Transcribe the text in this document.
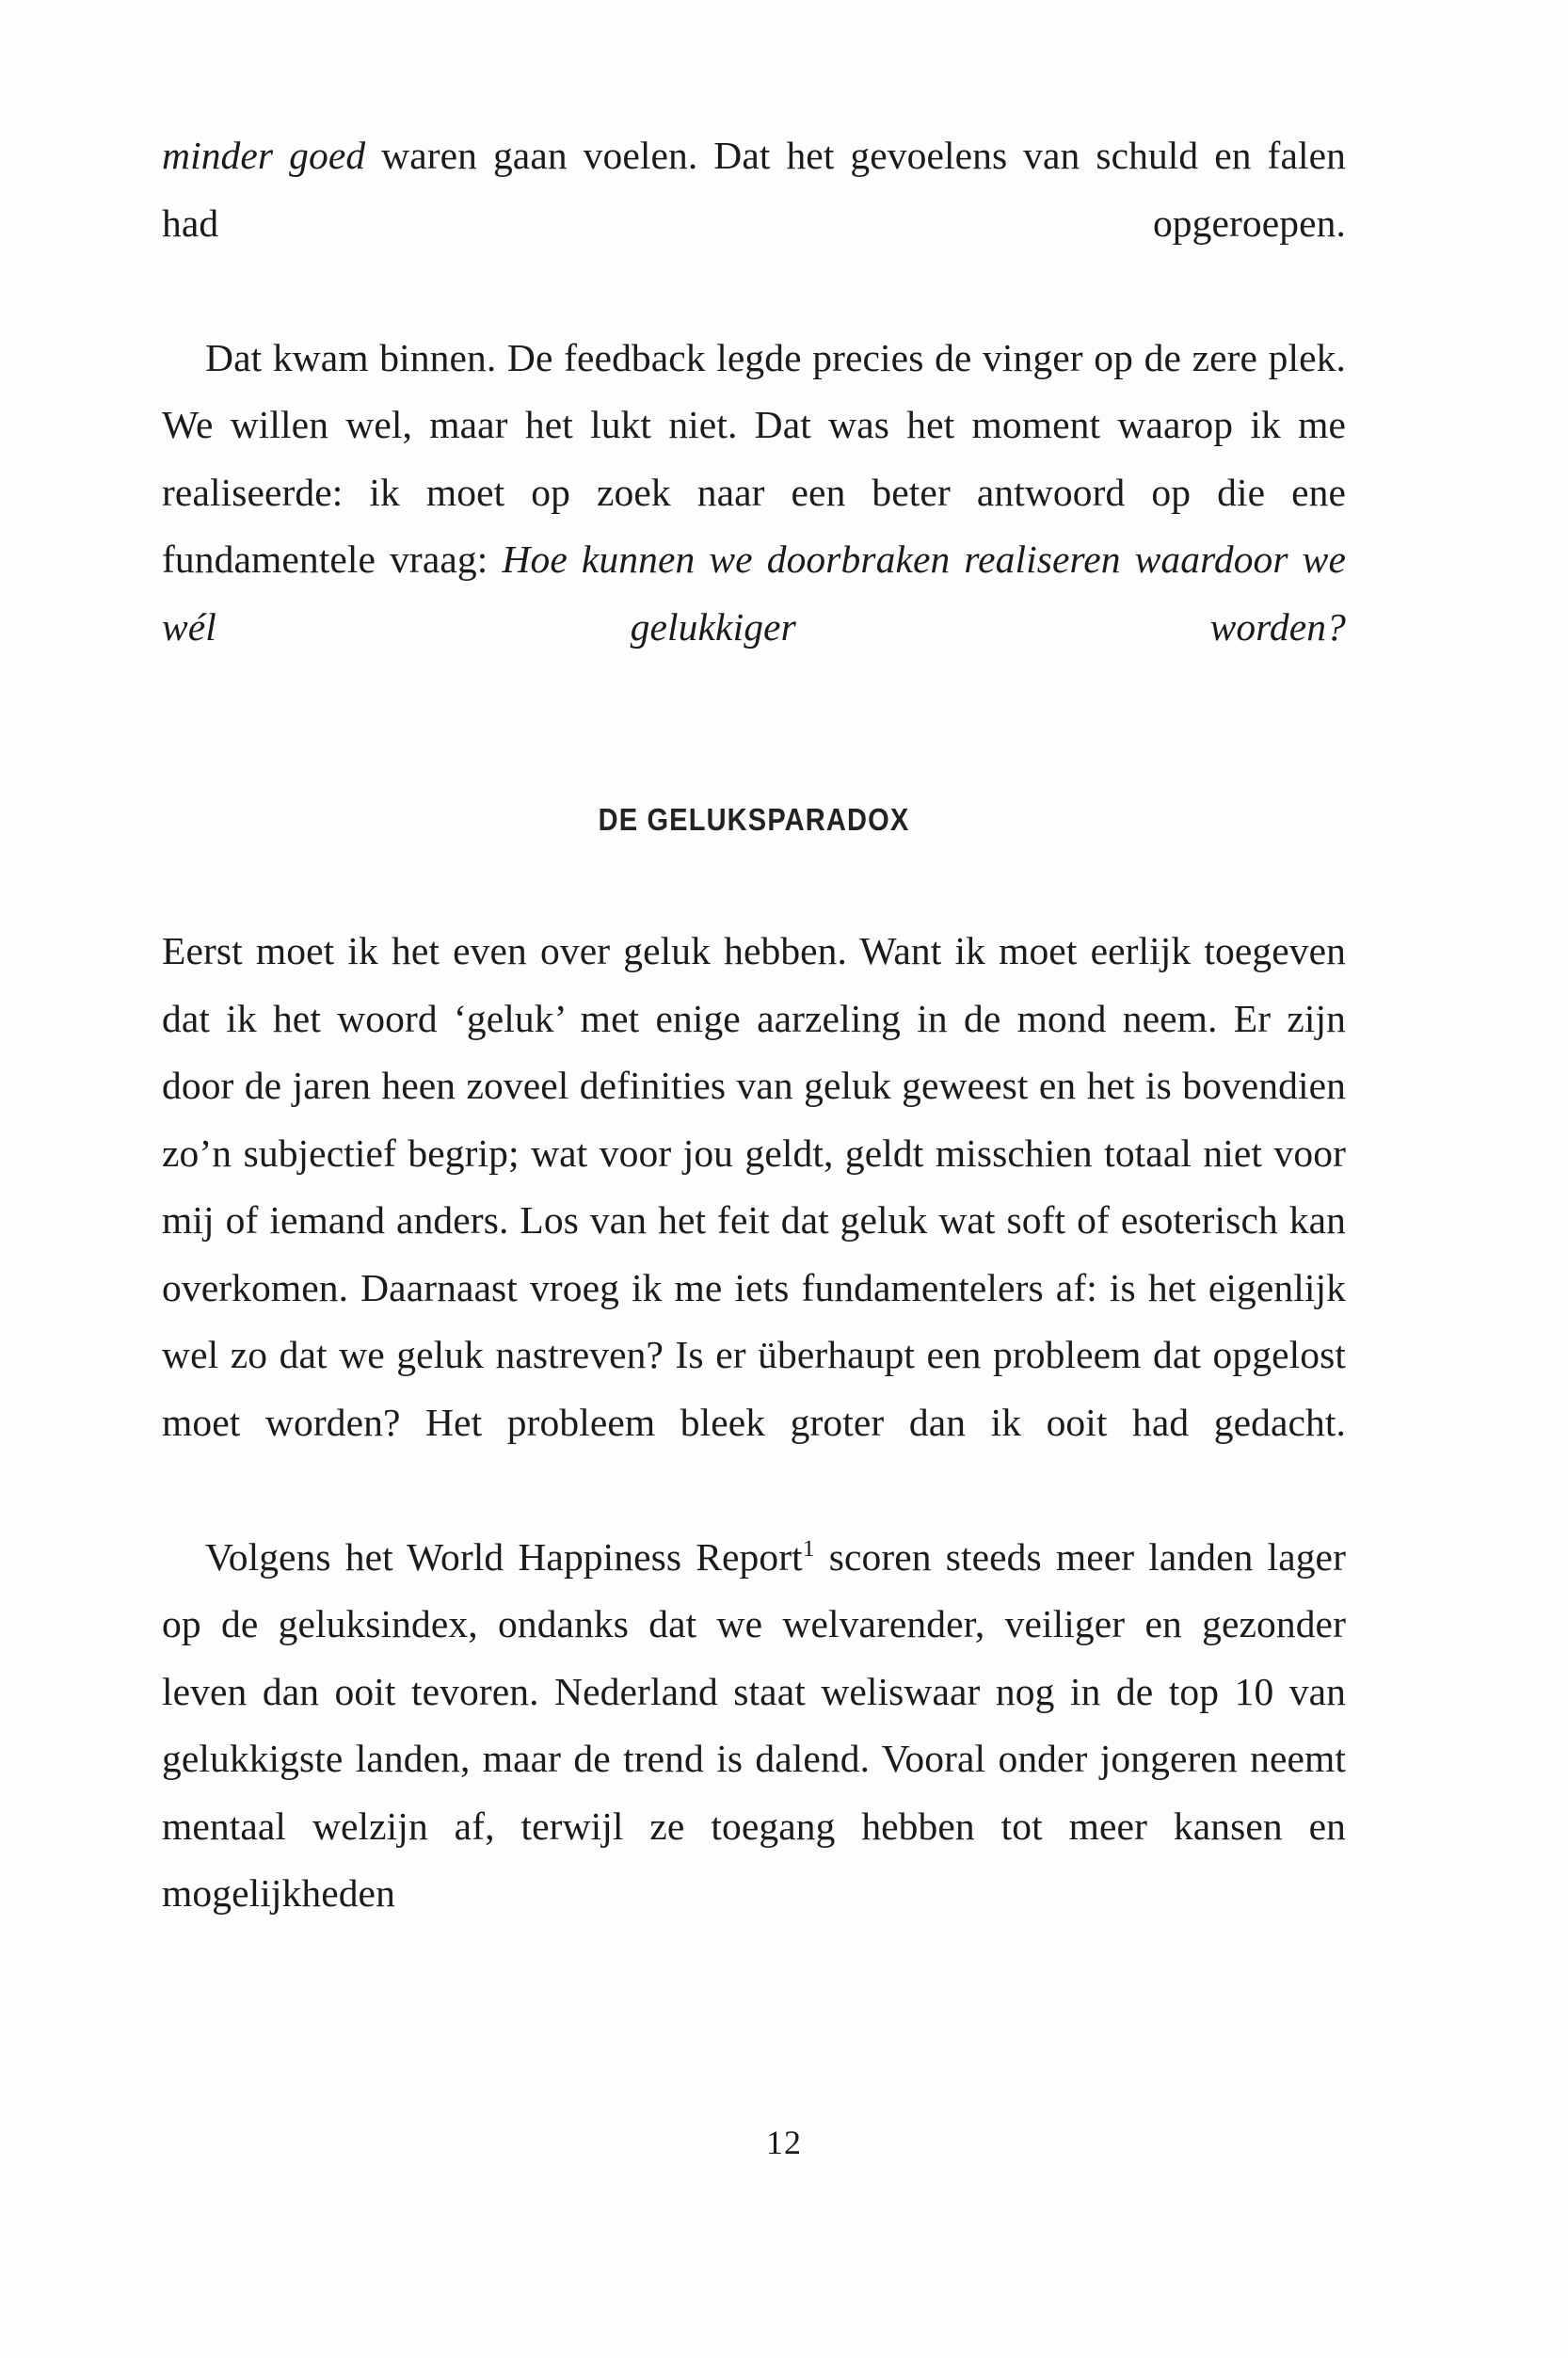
minder goed waren gaan voelen. Dat het gevoelens van schuld en falen had opgeroepen.

Dat kwam binnen. De feedback legde precies de vinger op de zere plek. We willen wel, maar het lukt niet. Dat was het moment waarop ik me realiseerde: ik moet op zoek naar een beter antwoord op die ene fundamentele vraag: Hoe kunnen we doorbraken realiseren waardoor we wél gelukkiger worden?

DE GELUKSPARADOX

Eerst moet ik het even over geluk hebben. Want ik moet eerlijk toegeven dat ik het woord ‘geluk’ met enige aarzeling in de mond neem. Er zijn door de jaren heen zoveel definities van geluk geweest en het is bovendien zo’n subjectief begrip; wat voor jou geldt, geldt misschien totaal niet voor mij of iemand anders. Los van het feit dat geluk wat soft of esoterisch kan overkomen. Daarnaast vroeg ik me iets fundamentelers af: is het eigenlijk wel zo dat we geluk nastreven? Is er überhaupt een probleem dat opgelost moet worden? Het probleem bleek groter dan ik ooit had gedacht.

Volgens het World Happiness Report$^1$ scoren steeds meer landen lager op de geluksindex, ondanks dat we welvarender, veiliger en gezonder leven dan ooit tevoren. Nederland staat weliswaar nog in de top 10 van gelukkigste landen, maar de trend is dalend. Vooral onder jongeren neemt mentaal welzijn af, terwijl ze toegang hebben tot meer kansen en mogelijkheden

12
